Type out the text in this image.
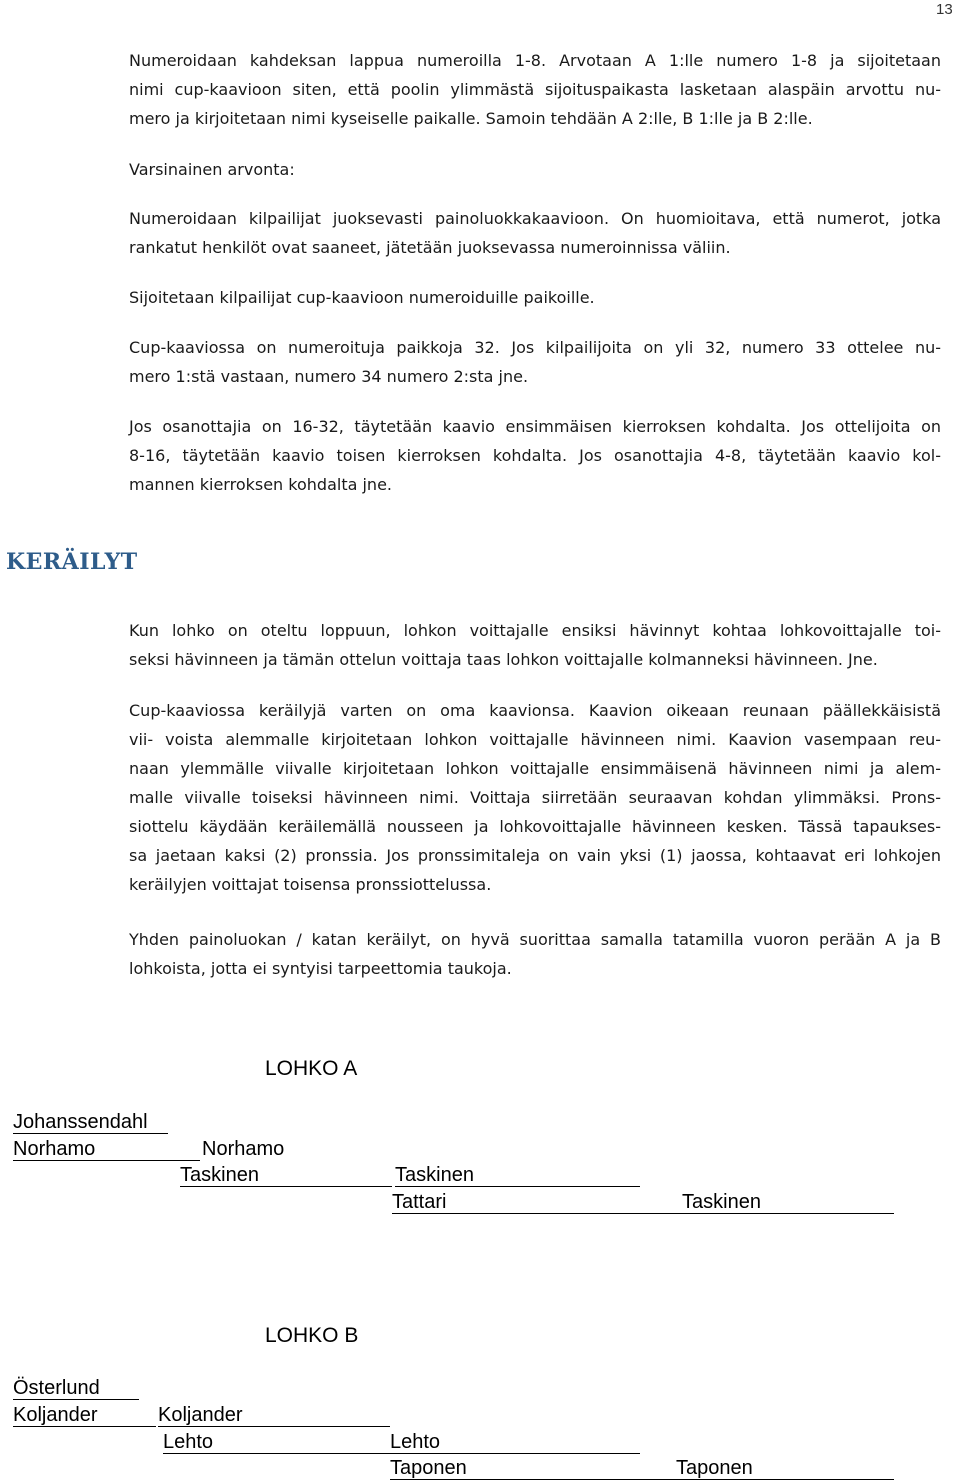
13
Numeroidaan kahdeksan lappua numeroilla 1-8. Arvotaan A 1:lle numero 1-8 ja sijoitetaan
nimi cup-kaavioon siten, että poolin ylimmästä sijoituspaikasta lasketaan alaspäin arvottu nu-
mero ja kirjoitetaan nimi kyseiselle paikalle. Samoin tehdään A 2:lle, B 1:lle ja B 2:lle.
Varsinainen arvonta:
Numeroidaan kilpailijat juoksevasti painoluokkakaavioon. On huomioitava, että numerot, jotka
rankatut henkilöt ovat saaneet, jätetään juoksevassa numeroinnissa väliin.
Sijoitetaan kilpailijat cup-kaavioon numeroiduille paikoille.
Cup-kaaviossa on numeroituja paikkoja 32. Jos kilpailijoita on yli 32, numero 33 ottelee nu-
mero 1:stä vastaan, numero 34 numero 2:sta jne.
Jos osanottajia on 16-32, täytetään kaavio ensimmäisen kierroksen kohdalta. Jos ottelijoita on
8-16, täytetään kaavio toisen kierroksen kohdalta. Jos osanottajia 4-8, täytetään kaavio kol-
mannen kierroksen kohdalta jne.
KERÄILYT
Kun lohko on oteltu loppuun, lohkon voittajalle ensiksi hävinnyt kohtaa lohkovoittajalle toi-
seksi hävinneen ja tämän ottelun voittaja taas lohkon voittajalle kolmanneksi hävinneen. Jne.
Cup-kaaviossa keräilyjä varten on oma kaavionsa. Kaavion oikeaan reunaan päällekkäisistä
vii- voista alemmalle kirjoitetaan lohkon voittajalle hävinneen nimi. Kaavion vasempaan reu-
naan ylemmälle viivalle kirjoitetaan lohkon voittajalle ensimmäisenä hävinneen nimi ja alem-
malle viivalle toiseksi hävinneen nimi. Voittaja siirretään seuraavan kohdan ylimmäksi. Prons-
siottelu käydään keräilemällä nousseen ja lohkovoittajalle hävinneen kesken. Tässä tapaukses-
sa jaetaan kaksi (2) pronssia. Jos pronssimitaleja on vain yksi (1) jaossa, kohtaavat eri lohkojen
keräilyjen voittajat toisensa pronssiottelussa.
Yhden painoluokan / katan keräilyt, on hyvä suorittaa samalla tatamilla vuoron perään A ja B
lohkoista, jotta ei syntyisi tarpeettomia taukoja.
LOHKO A
Johanssendahl
Norhamo	Norhamo
Taskinen	Taskinen
Tattari	Taskinen
LOHKO B
Österlund
Koljander	Koljander
Lehto	Lehto
Taponen	Taponen
